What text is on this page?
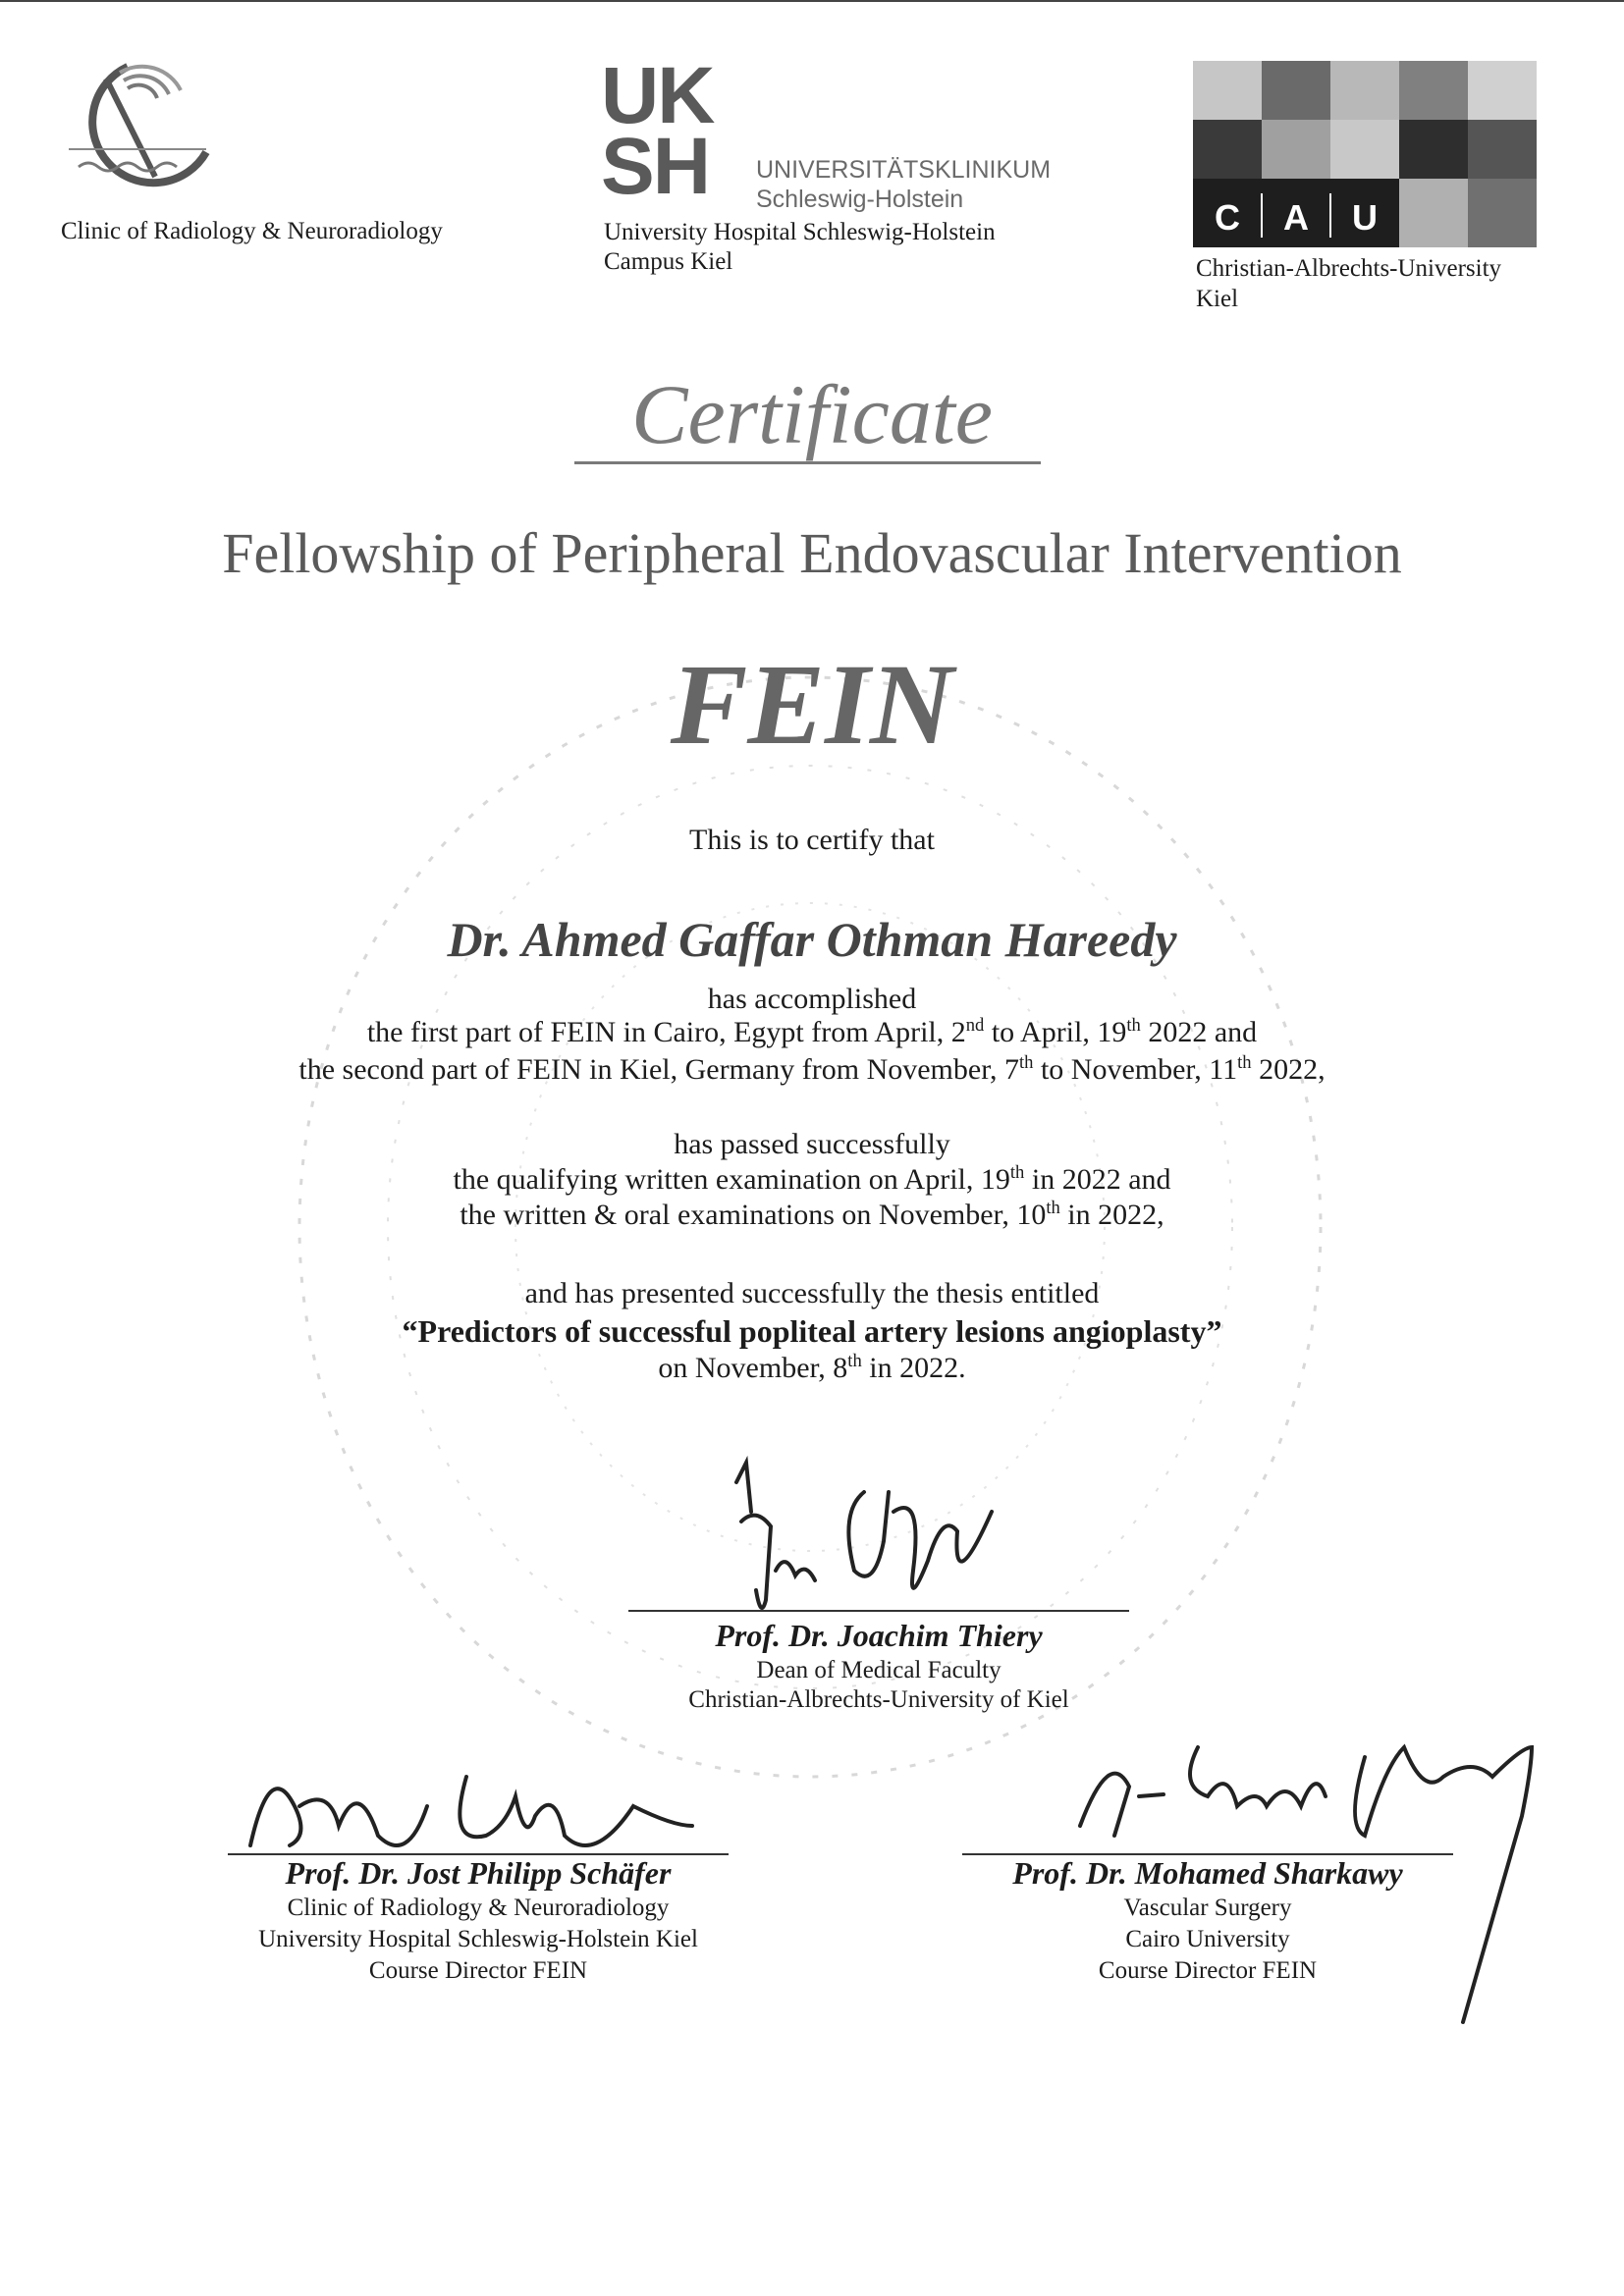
Clinic of Radiology & Neuroradiology
UK
SH	UNIVERSITÄTSKLINIKUM
Schleswig-Holstein
University Hospital Schleswig-Holstein
Campus Kiel
C A U
Christian-Albrechts-University
Kiel
Certificate
Fellowship of Peripheral Endovascular Intervention
FEIN
This is to certify that
Dr. Ahmed Gaffar Othman Hareedy
has accomplished
the first part of FEIN in Cairo, Egypt from April, 2nd to April, 19th 2022 and
the second part of FEIN in Kiel, Germany from November, 7th to November, 11th 2022,
has passed successfully
the qualifying written examination on April, 19th in 2022 and
the written & oral examinations on November, 10th in 2022,
and has presented successfully the thesis entitled
“Predictors of successful popliteal artery lesions angioplasty”
on November, 8th in 2022.
Prof. Dr. Joachim Thiery
Dean of Medical Faculty
Christian-Albrechts-University of Kiel
Prof. Dr. Jost Philipp Schäfer
Clinic of Radiology & Neuroradiology
University Hospital Schleswig-Holstein Kiel
Course Director FEIN
Prof. Dr. Mohamed Sharkawy
Vascular Surgery
Cairo University
Course Director FEIN
